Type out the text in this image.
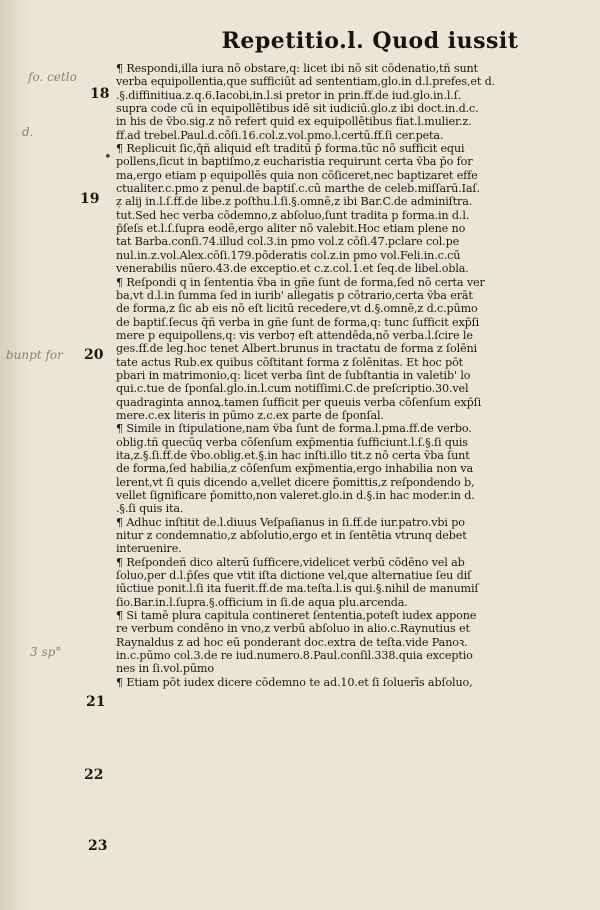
Repetitio.l. Quod iussit
fo. cetlo
d.
bunpt for
3 sp°
18
19
20
21
22
23
•
¶ Respondi,illa iura nō obstare,q: licet ibi nō sit cōdenatio,tñ sunt
verba equipollentia,que sufficiūt ad sententiam,glo.in d.l.prefes,et d.
.§.diffinitiua.z.q.6.Iacobi,in.l.si pretor in prin.ff.de iud.glo.in.l.ſ.
supra code cū in equipollētibus idē sit iudiciū.glo.z ibi doct.in.d.c.
in his de ṽbo.sig.z nō refert quid ex equipollētibus fiat.l.mulier.z.
ff.ad trebel.Paul.d.cōſi.16.col.z.vol.pmo.l.certū.ff.ſi cer.peta.
¶ Replicuit ſic,q̄ñ aliquid eſt traditū p̄ forma.tūc nō sufficit equi
pollens,ſicut in baptiſmo,z eucharistia requirunt certa ṽba p̄o for
ma,ergo etiam p equipollēs quia non cōſiceret,nec baptizaret effe
ctualiter.c.pmo z penul.de baptiſ.c.cū marthe de celeb.miſſarū.Iaſ.
ẓ alij in.l.ſ.ff.de libe.z poſthu.l.ſi.§.omnē,z ibi Bar.C.de adminiſtra.
tut.Sed hec verba cōdemno,z abſoluo,ſunt tradita p forma.in d.l.
p̄ſeſs et.l.ſ.ſupra eodē,ergo aliter nō valebit.Hoc etiam plene no
tat Barba.conſi.74.illud col.3.in pmo vol.z cōſi.47.pclare col.pe
nul.in.z.vol.Alex.cōſi.179.pōderatis col.z.in pmo vol.Feli.in.c.cū
venerabilis nūero.43.de exceptio.et c.z.col.1.et ſeq.de libel.obla.
¶ Reſpondi q in ſententia ṽba in gñe ſunt de forma,ſed nō certa ver
ba,vt d.l.in ſumma ſed in iurib' allegatis p cōtrario,certa ṽba erāt
de forma,z ſic ab eis nō eſt licitū recedere,vt d.§.omnē,z d.c.pūmo
de baptiſ.ſecus q̄ñ verba in gñe ſunt de forma,q: tunc ſufficit exp̄ſi
mere p equipollens,q: vis verbo⁊ eſt attendēda,nō verba.l.ſcire le
ges.ff.de leg.hoc tenet Albert.brunus in tractatu de forma z ſolēni
tate actus Rub.ex quibus cōſtitant forma z ſolēnitas. Et hoc pōt
pbari in matrimonio,q: licet verba ſint de ſubſtantia in valetib' lo
qui.c.tue de ſponſal.glo.in.l.cum notiſſimi.C.de preſcriptio.30.vel
quadraginta annoꝝ.tamen ſufficit per queuis verba cōſenſum exp̄ſi
mere.c.ex literis in pūmo z.c.ex parte de ſponſal.
¶ Simile in ſtipulatione,nam ṽba ſunt de forma.l.pma.ff.de verbo.
oblig.tñ quecūq verba cōſenſum exp̄mentia ſufficiunt.l.ſ.§.ſi quis
ita,z.§.ſi.ff.de ṽbo.oblig.et.§.in hac inſti.illo tit.z nō certa ṽba ſunt
de forma,ſed habilia,z cōſenſum exp̄mentia,ergo inhabilia non va
lerent,vt ſi quis dicendo a,vellet dicere p̄omittis,z reſpondendo b,
vellet ſignificare p̄omitto,non valeret.glo.in d.§.in hac moder.in d.
.§.ſi quis ita.
¶ Adhuc inſtitit de.l.diuus Veſpaſianus in ſi.ff.de iur.patro.vbi po
nitur z condemnatio,z abſolutio,ergo et in ſentētia vtrunq debet
interuenire.
¶ Reſpondeñ dico alterū ſufficere,videlicet verbū cōdēno vel ab
ſoluo,per d.l.p̄ſes que vtit iſta dictione vel,que alternatiue ſeu diſ
iūctiue ponit.l.ſi ita fuerit.ff.de ma.teſta.l.is qui.§.nihil de manumiſ
ſio.Bar.in.l.ſupra.§.officium in ſi.de aqua plu.arcenda.
¶ Si tamē plura capitula contineret ſententia,poteſt iudex appone
re verbum condēno in vno,z verbū abſoluo in alio.c.Raynutius et
Raynaldus z ad hoc eū ponderant doc.extra de teſta.vide Panoꝛ.
in.c.pūmo col.3.de re iud.numero.8.Paul.conſil.338.quia exceptio
nes in ſi.vol.pūmo
¶ Etiam pōt iudex dicere cōdemno te ad.10.et ſi ſoluerīs abſoluo,
